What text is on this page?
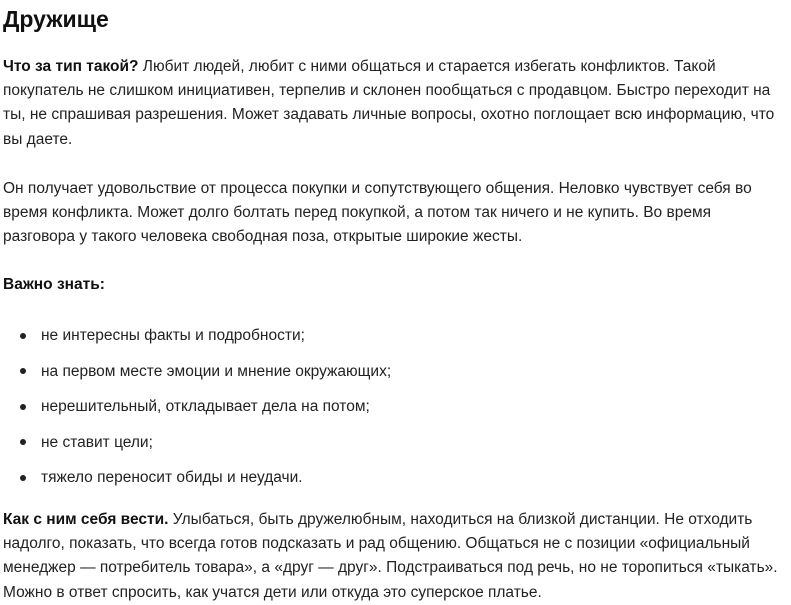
Дружище

Что за тип такой? Любит людей, любит с ними общаться и старается избегать конфликтов. Такой покупатель не слишком инициативен, терпелив и склонен пообщаться с продавцом. Быстро переходит на ты, не спрашивая разрешения. Может задавать личные вопросы, охотно поглощает всю информацию, что вы даете.

Он получает удовольствие от процесса покупки и сопутствующего общения. Неловко чувствует себя во время конфликта. Может долго болтать перед покупкой, а потом так ничего и не купить. Во время разговора у такого человека свободная поза, открытые широкие жесты.

Важно знать:

не интересны факты и подробности;
на первом месте эмоции и мнение окружающих;
нерешительный, откладывает дела на потом;
не ставит цели;
тяжело переносит обиды и неудачи.

Как с ним себя вести. Улыбаться, быть дружелюбным, находиться на близкой дистанции. Не отходить надолго, показать, что всегда готов подсказать и рад общению. Общаться не с позиции «официальный менеджер — потребитель товара», а «друг — друг». Подстраиваться под речь, но не торопиться «тыкать». Можно в ответ спросить, как учатся дети или откуда это суперское платье.
